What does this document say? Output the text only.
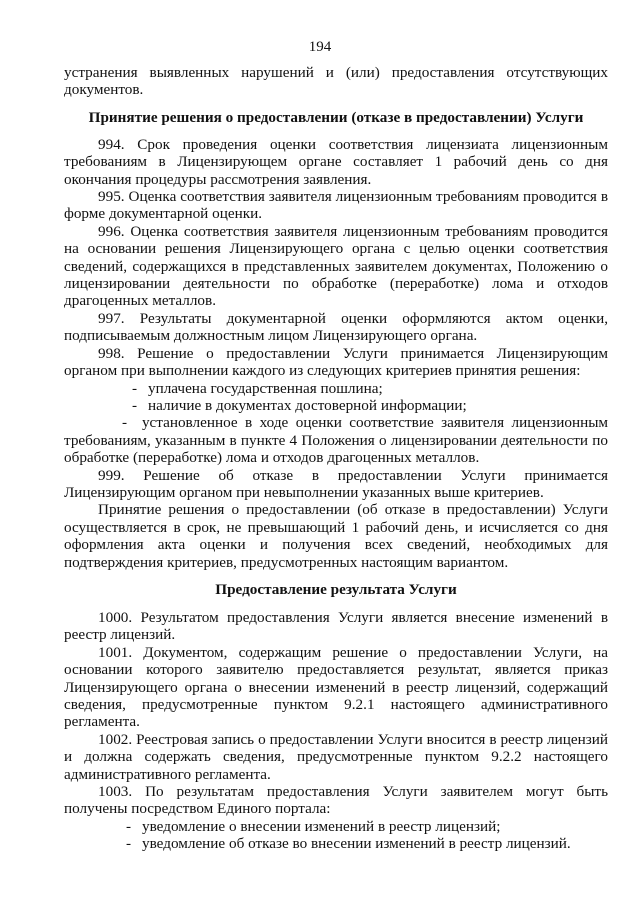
194

устранения выявленных нарушений и (или) предоставления отсутствующих документов.

Принятие решения о предоставлении (отказе в предоставлении) Услуги

994. Срок проведения оценки соответствия лицензиата лицензионным требованиям в Лицензирующем органе составляет 1 рабочий день со дня окончания процедуры рассмотрения заявления.

995. Оценка соответствия заявителя лицензионным требованиям проводится в форме документарной оценки.

996. Оценка соответствия заявителя лицензионным требованиям проводится на основании решения Лицензирующего органа с целью оценки соответствия сведений, содержащихся в представленных заявителем документах, Положению о лицензировании деятельности по обработке (переработке) лома и отходов драгоценных металлов.

997. Результаты документарной оценки оформляются актом оценки, подписываемым должностным лицом Лицензирующего органа.

998. Решение о предоставлении Услуги принимается Лицензирующим органом при выполнении каждого из следующих критериев принятия решения:

- уплачена государственная пошлина;

- наличие в документах достоверной информации;

- установленное в ходе оценки соответствие заявителя лицензионным требованиям, указанным в пункте 4 Положения о лицензировании деятельности по обработке (переработке) лома и отходов драгоценных металлов.

999. Решение об отказе в предоставлении Услуги принимается Лицензирующим органом при невыполнении указанных выше критериев.

Принятие решения о предоставлении (об отказе в предоставлении) Услуги осуществляется в срок, не превышающий 1 рабочий день, и исчисляется со дня оформления акта оценки и получения всех сведений, необходимых для подтверждения критериев, предусмотренных настоящим вариантом.

Предоставление результата Услуги

1000. Результатом предоставления Услуги является внесение изменений в реестр лицензий.

1001. Документом, содержащим решение о предоставлении Услуги, на основании которого заявителю предоставляется результат, является приказ Лицензирующего органа о внесении изменений в реестр лицензий, содержащий сведения, предусмотренные пунктом 9.2.1 настоящего административного регламента.

1002. Реестровая запись о предоставлении Услуги вносится в реестр лицензий и должна содержать сведения, предусмотренные пунктом 9.2.2 настоящего административного регламента.

1003. По результатам предоставления Услуги заявителем могут быть получены посредством Единого портала:

- уведомление о внесении изменений в реестр лицензий;

- уведомление об отказе во внесении изменений в реестр лицензий.
